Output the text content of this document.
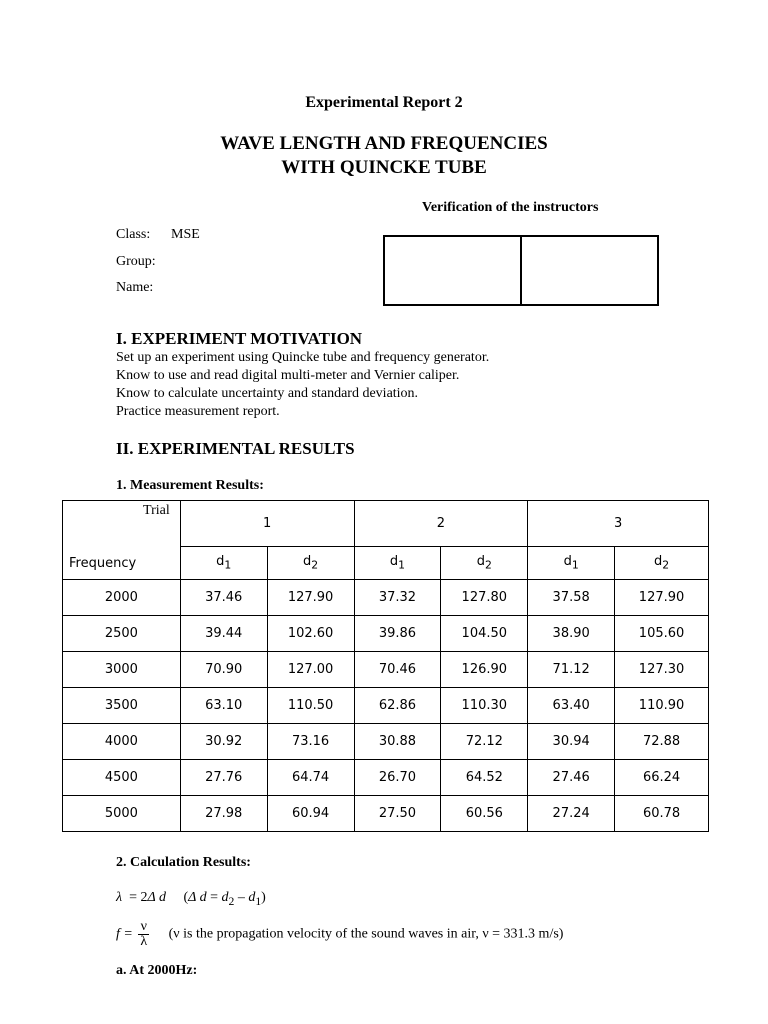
Experimental Report 2
WAVE LENGTH AND FREQUENCIES
WITH QUINCKE TUBE
Verification of the instructors
Class: MSE
Group:
Name:
I. EXPERIMENT MOTIVATION
Set up an experiment using Quincke tube and frequency generator.
Know to use and read digital multi-meter and Vernier caliper.
Know to calculate uncertainty and standard deviation.
Practice measurement report.
II. EXPERIMENTAL RESULTS
1. Measurement Results:
Trial
Frequency	1		2		3	
	$d_1$	$d_2$	$d_1$	$d_2$	$d_1$	$d_2$
2000	37.46	127.90	37.32	127.80	37.58	127.90
2500	39.44	102.60	39.86	104.50	38.90	105.60
3000	70.90	127.00	70.46	126.90	71.12	127.30
3500	63.10	110.50	62.86	110.30	63.40	110.90
4000	30.92	73.16	30.88	72.12	30.94	72.88
4500	27.76	64.74	26.70	64.52	27.46	66.24
5000	27.98	60.94	27.50	60.56	27.24	60.78
2. Calculation Results:
λ  = 2Δ d     (Δ $d = d_2 - d_1$)
$f = \frac{\nu}{\lambda} (\nu$ is the propagation velocity of the sound waves in air, ν = 331.3 m/s)
a. At 2000Hz:
